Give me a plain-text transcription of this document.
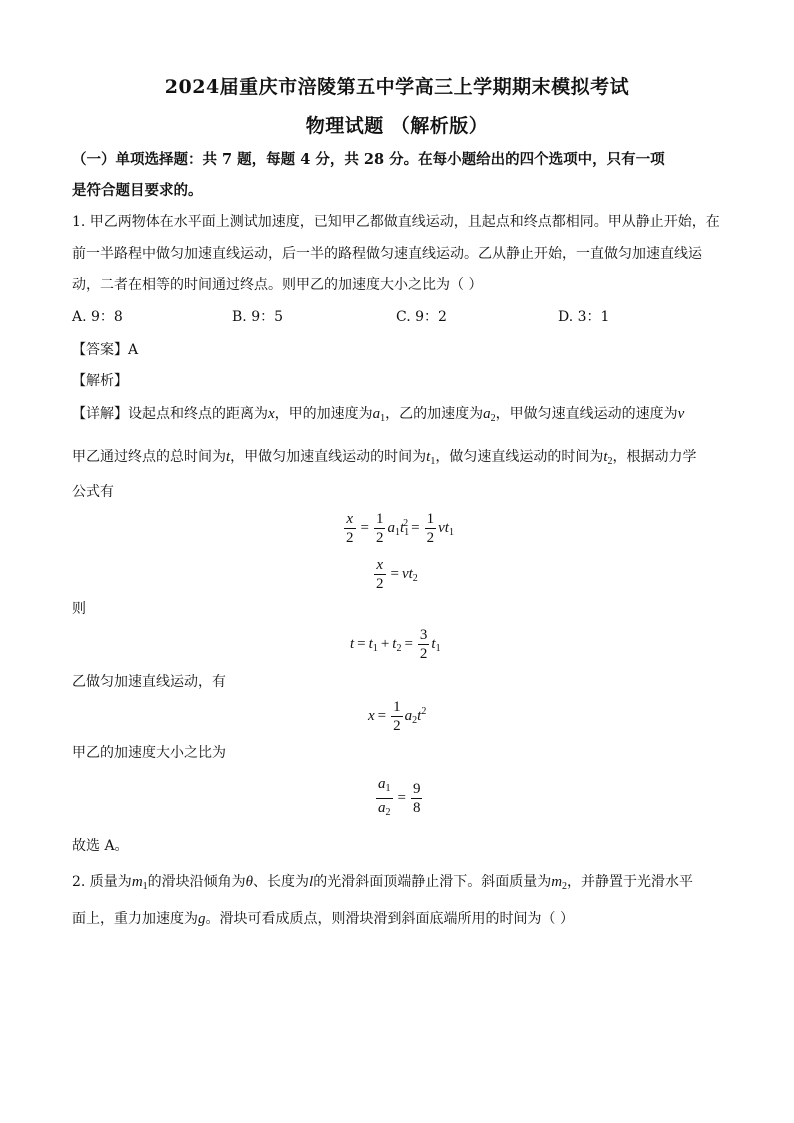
2024届重庆市涪陵第五中学高三上学期期末模拟考试
物理试题 （解析版）
（一）单项选择题：共 7 题，每题 4 分，共 28 分。在每小题给出的四个选项中，只有一项
是符合题目要求的。
1. 甲乙两物体在水平面上测试加速度，已知甲乙都做直线运动，且起点和终点都相同。甲从静止开始，在
前一半路程中做匀加速直线运动，后一半的路程做匀速直线运动。乙从静止开始，一直做匀加速直线运
动，二者在相等的时间通过终点。则甲乙的加速度大小之比为（ ）
A. 9：8	B. 9：5	C. 9：2	D. 3：1
【答案】A
【解析】
【详解】设起点和终点的距离为x，甲的加速度为$a_1$，乙的加速度为$a_2$，甲做匀速直线运动的速度为v
甲乙通过终点的总时间为t，甲做匀加速直线运动的时间为$t_1$，做匀速直线运动的时间为$t_2$，根据动力学
公式有
$\frac{x}{2} = \frac{1}{2} a_1t_1^2 = \frac{1}{2} vt_1$
$\frac{x}{2} = vt_2$
则
$t = t_1 + t_2 = \frac{3}{2} t_1$
乙做匀加速直线运动，有
$x = \frac{1}{2} a_2t^2$
甲乙的加速度大小之比为
$\frac{a_1}{a_2} = \frac{9}{8}$
故选 A。
2. 质量为$m_1$的滑块沿倾角为θ、长度为l的光滑斜面顶端静止滑下。斜面质量为$m_2$，并静置于光滑水平
面上，重力加速度为g。滑块可看成质点，则滑块滑到斜面底端所用的时间为（ ）
